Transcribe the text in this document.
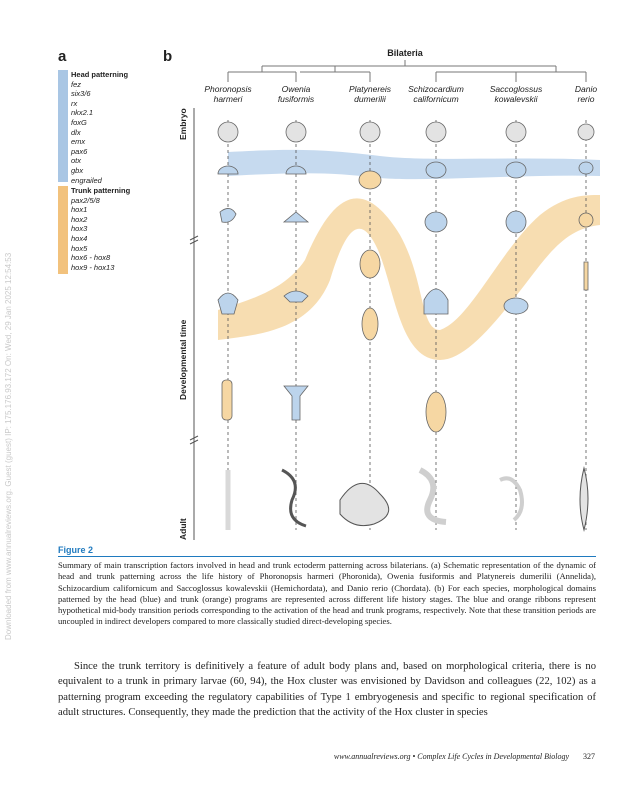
Downloaded from www.annualreviews.org. Guest (guest) IP: 175.176.93.172 On: Wed, 29 Jan 2025 12:54:53
a	b
Head patterning
fez
six3/6
rx
nkx2.1
foxG
dlx
emx
pax6
otx
gbx
engrailed
Trunk patterning
pax2/5/8
hox1
hox2
hox3
hox4
hox5
hox6 - hox8
hox9 - hox13
Bilateria
Phoronopsis
harmeri
Owenia
fusiformis
Platynereis
dumerilii
Schizocardium
californicum
Saccoglossus
kowalevskii
Danio
rerio
Embryo
Developmental time
Adult
Figure 2
Summary of main transcription factors involved in head and trunk ectoderm patterning across bilaterians. (a) Schematic representation of the dynamic of head and trunk patterning across the life history of Phoronopsis harmeri (Phoronida), Owenia fusiformis and Platynereis dumerilii (Annelida), Schizocardium californicum and Saccoglossus kowalevskii (Hemichordata), and Danio rerio (Chordata). (b) For each species, morphological domains patterned by the head (blue) and trunk (orange) programs are represented across different life history stages. The blue and orange ribbons represent hypothetical mid-body transition periods corresponding to the activation of the head and trunk programs, respectively. Note that these transition periods are uncoupled in indirect developers compared to more classically studied direct-developing species.
Since the trunk territory is definitively a feature of adult body plans and, based on morphological criteria, there is no equivalent to a trunk in primary larvae (60, 94), the Hox cluster was envisioned by Davidson and colleagues (22, 102) as a patterning program exceeding the regulatory capabilities of Type 1 embryogenesis and specific to regional specification of adult structures. Consequently, they made the prediction that the activity of the Hox cluster in species
www.annualreviews.org • Complex Life Cycles in Developmental Biology 327
